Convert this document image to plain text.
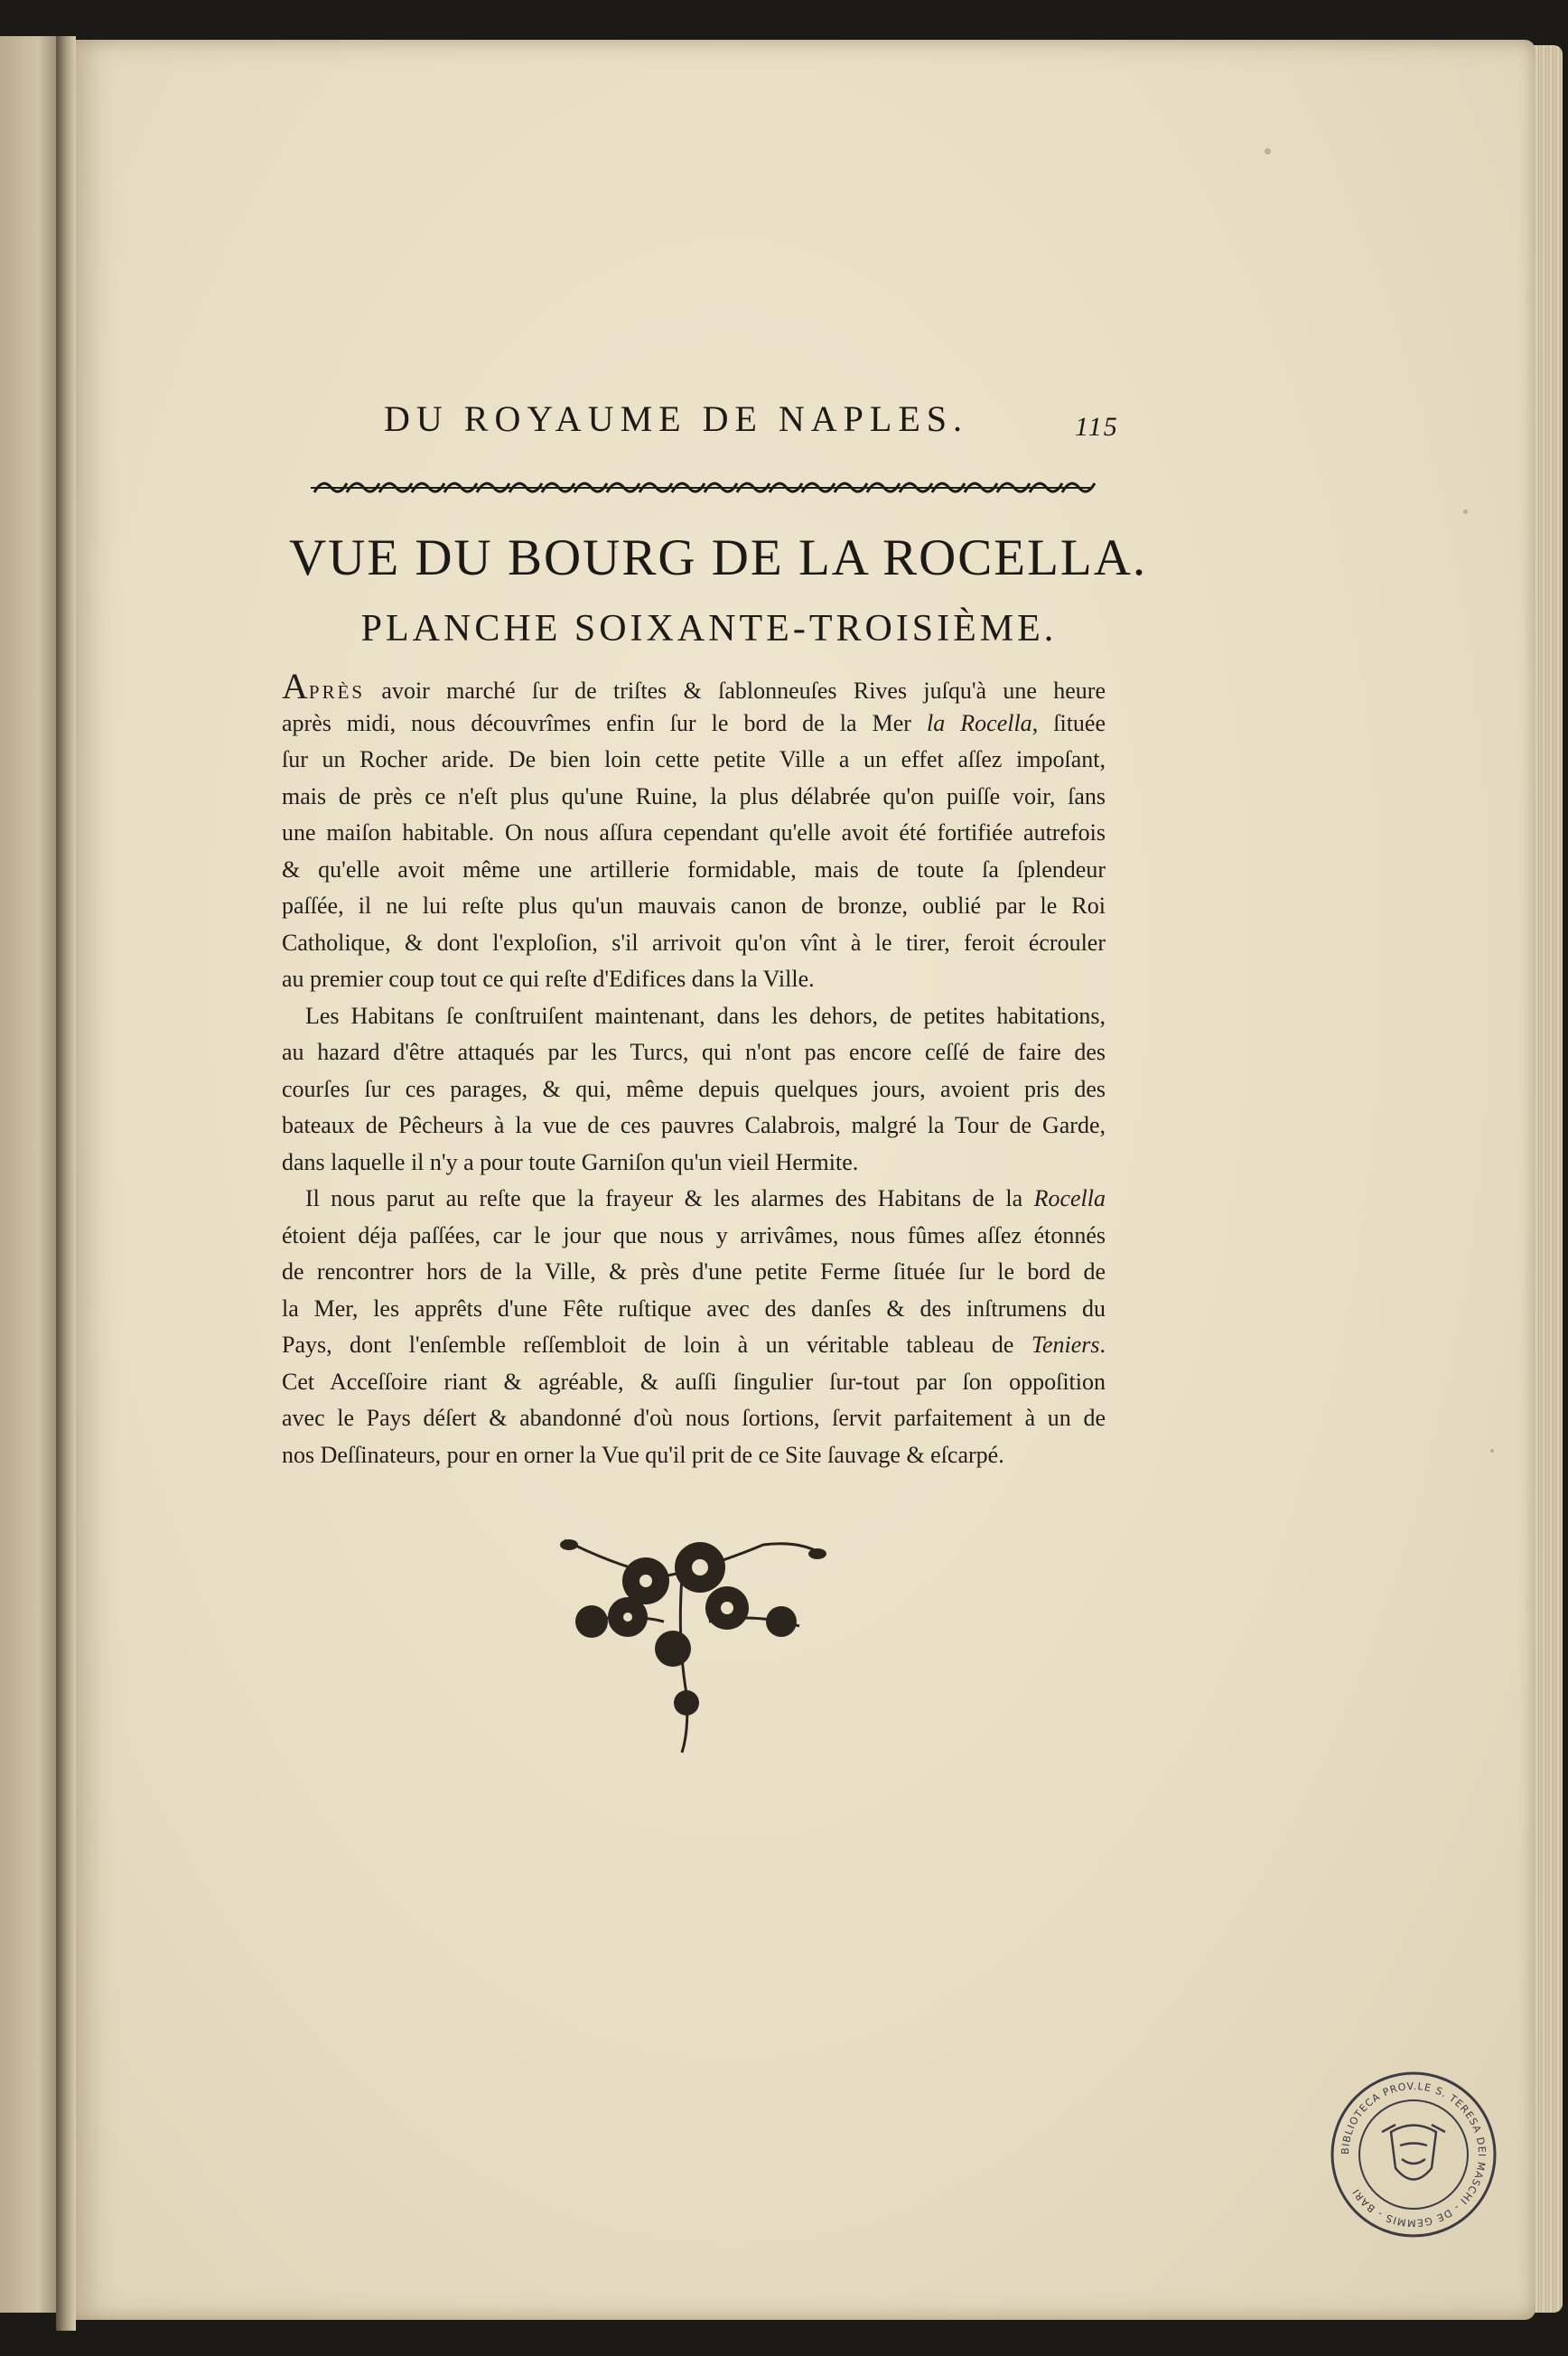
DU ROYAUME DE NAPLES.	115
VUE DU BOURG DE LA ROCELLA.
PLANCHE SOIXANTE-TROISIÈME.
APRÈS avoir marché ſur de triſtes & ſablonneuſes Rives juſqu'à une heure
après midi, nous découvrîmes enfin ſur le bord de la Mer la Rocella, ſituée
ſur un Rocher aride. De bien loin cette petite Ville a un effet aſſez impoſant,
mais de près ce n'eſt plus qu'une Ruine, la plus délabrée qu'on puiſſe voir, ſans
une maiſon habitable. On nous aſſura cependant qu'elle avoit été fortifiée autrefois
& qu'elle avoit même une artillerie formidable, mais de toute ſa ſplendeur
paſſée, il ne lui reſte plus qu'un mauvais canon de bronze, oublié par le Roi
Catholique, & dont l'exploſion, s'il arrivoit qu'on vînt à le tirer, feroit écrouler
au premier coup tout ce qui reſte d'Edifices dans la Ville.
Les Habitans ſe conſtruiſent maintenant, dans les dehors, de petites habitations,
au hazard d'être attaqués par les Turcs, qui n'ont pas encore ceſſé de faire des
courſes ſur ces parages, & qui, même depuis quelques jours, avoient pris des
bateaux de Pêcheurs à la vue de ces pauvres Calabrois, malgré la Tour de Garde,
dans laquelle il n'y a pour toute Garniſon qu'un vieil Hermite.
Il nous parut au reſte que la frayeur & les alarmes des Habitans de la Rocella
étoient déja paſſées, car le jour que nous y arrivâmes, nous fûmes aſſez étonnés
de rencontrer hors de la Ville, & près d'une petite Ferme ſituée ſur le bord de
la Mer, les apprêts d'une Fête ruſtique avec des danſes & des inſtrumens du
Pays, dont l'enſemble reſſembloit de loin à un véritable tableau de Teniers.
Cet Acceſſoire riant & agréable, & auſſi ſingulier ſur-tout par ſon oppoſition
avec le Pays déſert & abandonné d'où nous ſortions, ſervit parfaitement à un de
nos Deſſinateurs, pour en orner la Vue qu'il prit de ce Site ſauvage & eſcarpé.
BIBLIOTECA PROV.LE S. TERESA DEI MASCHI - DE GEMMIS - BARI
